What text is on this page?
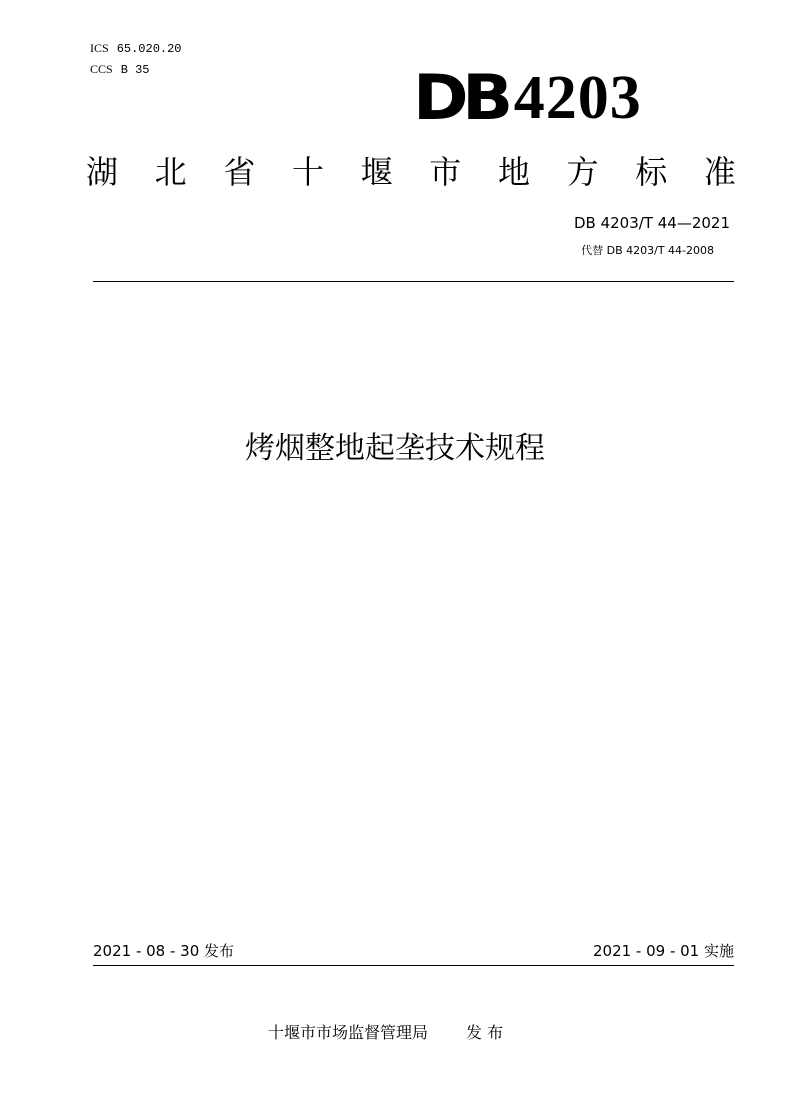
ICS 65.020.20
CCS B 35	DB 4203
湖 北 省 十 堰 市 地 方 标 准
DB 4203/T 44—2021
代替 DB 4203/T 44-2008
烤烟整地起垄技术规程
2021 - 08 - 30 发布	2021 - 09 - 01 实施
十堰市市场监督管理局 发 布
